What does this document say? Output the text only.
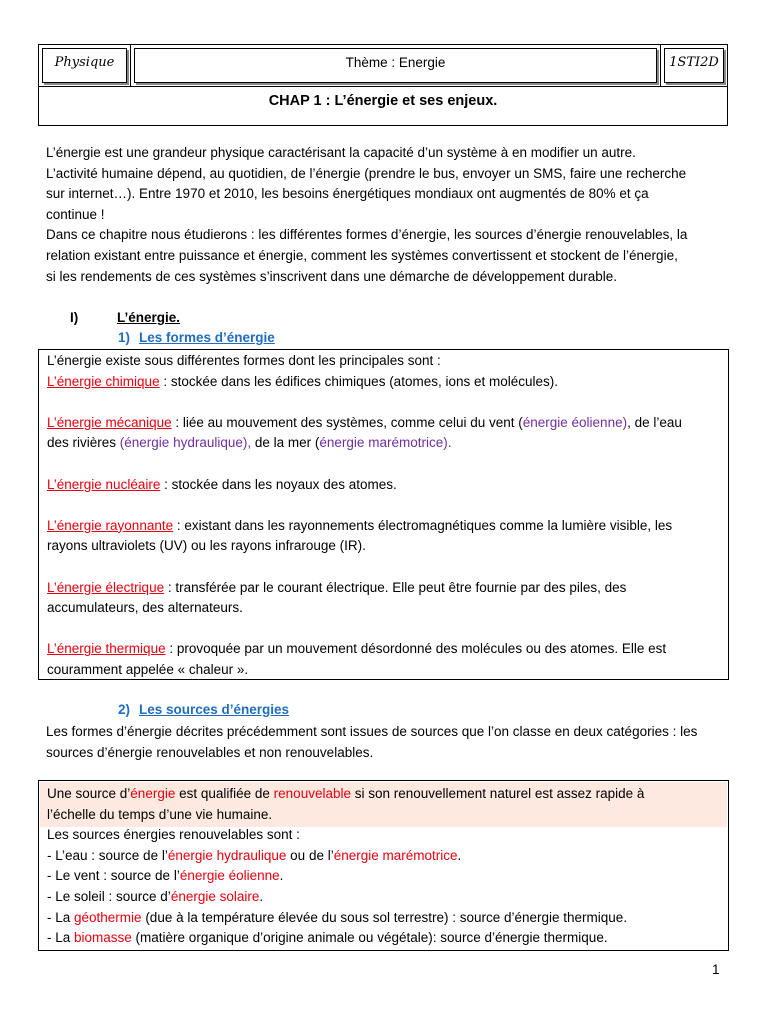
Physique	Thème : Energie	1STI2D
CHAP 1 : L’énergie et ses enjeux.
L’énergie est une grandeur physique caractérisant la capacité d’un système à en modifier un autre.
L’activité humaine dépend, au quotidien, de l’énergie (prendre le bus, envoyer un SMS, faire une recherche
sur internet…). Entre 1970 et 2010, les besoins énergétiques mondiaux ont augmentés de 80% et ça
continue !
Dans ce chapitre nous étudierons : les différentes formes d’énergie, les sources d’énergie renouvelables, la
relation existant entre puissance et énergie, comment les systèmes convertissent et stockent de l’énergie,
si les rendements de ces systèmes s’inscrivent dans une démarche de développement durable.
I)	L’énergie.
1) Les formes d’énergie
L’énergie existe sous différentes formes dont les principales sont :
L’énergie chimique : stockée dans les édifices chimiques (atomes, ions et molécules).
L’énergie mécanique : liée au mouvement des systèmes, comme celui du vent (énergie éolienne), de l’eau
des rivières (énergie hydraulique), de la mer (énergie marémotrice).
L’énergie nucléaire : stockée dans les noyaux des atomes.
L’énergie rayonnante : existant dans les rayonnements électromagnétiques comme la lumière visible, les
rayons ultraviolets (UV) ou les rayons infrarouge (IR).
L’énergie électrique : transférée par le courant électrique. Elle peut être fournie par des piles, des
accumulateurs, des alternateurs.
L’énergie thermique : provoquée par un mouvement désordonné des molécules ou des atomes. Elle est
couramment appelée « chaleur ».
2) Les sources d’énergies
Les formes d’énergie décrites précédemment sont issues de sources que l’on classe en deux catégories : les
sources d’énergie renouvelables et non renouvelables.
Une source d’énergie est qualifiée de renouvelable si son renouvellement naturel est assez rapide à
l’échelle du temps d’une vie humaine.
Les sources énergies renouvelables sont :
- L’eau : source de l’énergie hydraulique ou de l’énergie marémotrice.
- Le vent : source de l’énergie éolienne.
- Le soleil : source d’énergie solaire.
- La géothermie (due à la température élevée du sous sol terrestre) : source d’énergie thermique.
- La biomasse (matière organique d’origine animale ou végétale): source d’énergie thermique.
1
